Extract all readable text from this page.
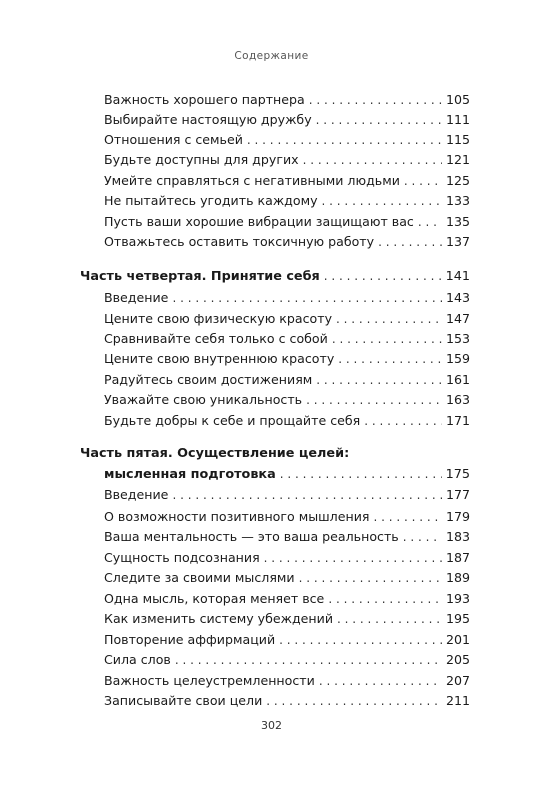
Содержание
Важность хорошего партнера . . .	105
Выбирайте настоящую дружбу . . .	111
Отношения с семьей . . .	115
Будьте доступны для других . . .	121
Умейте справляться с негативными людьми . . .	125
Не пытайтесь угодить каждому . . .	133
Пусть ваши хорошие вибрации защищают вас . . .	135
Отважьтесь оставить токсичную работу . . .	137
Часть четвертая. Принятие себя . . .	141
Введение . . .	143
Цените свою физическую красоту . . .	147
Сравнивайте себя только с собой . . .	153
Цените свою внутреннюю красоту . . .	159
Радуйтесь своим достижениям . . .	161
Уважайте свою уникальность . . .	163
Будьте добры к себе и прощайте себя . . .	171
Часть пятая. Осуществление целей:
мысленная подготовка . . .	175
Введение . . .	177
О возможности позитивного мышления . . .	179
Ваша ментальность — это ваша реальность . . .	183
Сущность подсознания . . .	187
Следите за своими мыслями . . .	189
Одна мысль, которая меняет все . . .	193
Как изменить систему убеждений . . .	195
Повторение аффирмаций . . .	201
Сила слов . . .	205
Важность целеустремленности . . .	207
Записывайте свои цели . . .	211
302
